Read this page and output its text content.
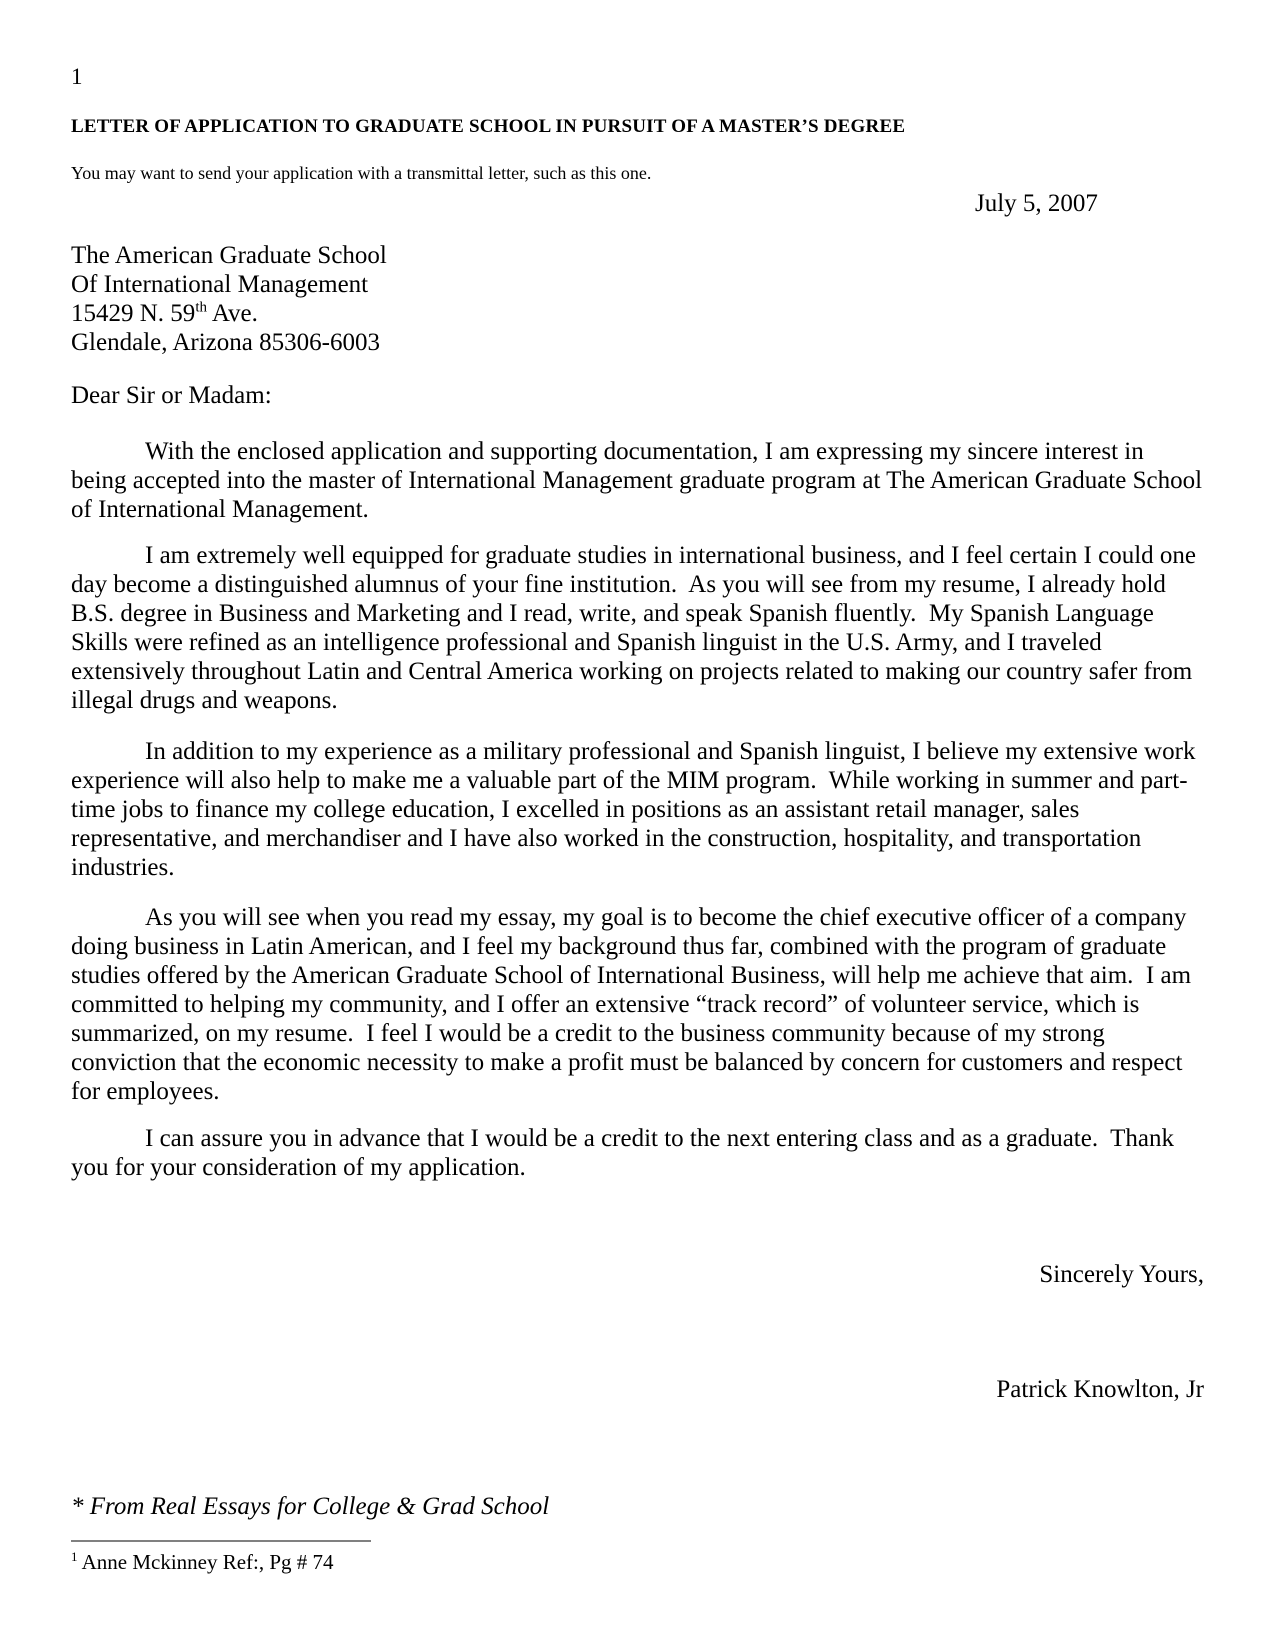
1
LETTER OF APPLICATION TO GRADUATE SCHOOL IN PURSUIT OF A MASTER’S DEGREE
You may want to send your application with a transmittal letter, such as this one.
July 5, 2007
The American Graduate School
Of International Management
15429 N. 59th Ave.
Glendale, Arizona 85306-6003
Dear Sir or Madam:

With the enclosed application and supporting documentation, I am expressing my sincere interest in being accepted into the master of International Management graduate program at The American Graduate School of International Management.

I am extremely well equipped for graduate studies in international business, and I feel certain I could one day become a distinguished alumnus of your fine institution.  As you will see from my resume, I already hold B.S. degree in Business and Marketing and I read, write, and speak Spanish fluently.  My Spanish Language Skills were refined as an intelligence professional and Spanish linguist in the U.S. Army, and I traveled extensively throughout Latin and Central America working on projects related to making our country safer from illegal drugs and weapons.

In addition to my experience as a military professional and Spanish linguist, I believe my extensive work experience will also help to make me a valuable part of the MIM program.  While working in summer and part-time jobs to finance my college education, I excelled in positions as an assistant retail manager, sales representative, and merchandiser and I have also worked in the construction, hospitality, and transportation industries.

As you will see when you read my essay, my goal is to become the chief executive officer of a company doing business in Latin American, and I feel my background thus far, combined with the program of graduate studies offered by the American Graduate School of International Business, will help me achieve that aim.  I am committed to helping my community, and I offer an extensive “track record” of volunteer service, which is summarized, on my resume.  I feel I would be a credit to the business community because of my strong conviction that the economic necessity to make a profit must be balanced by concern for customers and respect for employees.

I can assure you in advance that I would be a credit to the next entering class and as a graduate.  Thank you for your consideration of my application.

Sincerely Yours,
Patrick Knowlton, Jr
* From Real Essays for College & Grad School
$^1$ Anne Mckinney Ref:, Pg # 74
